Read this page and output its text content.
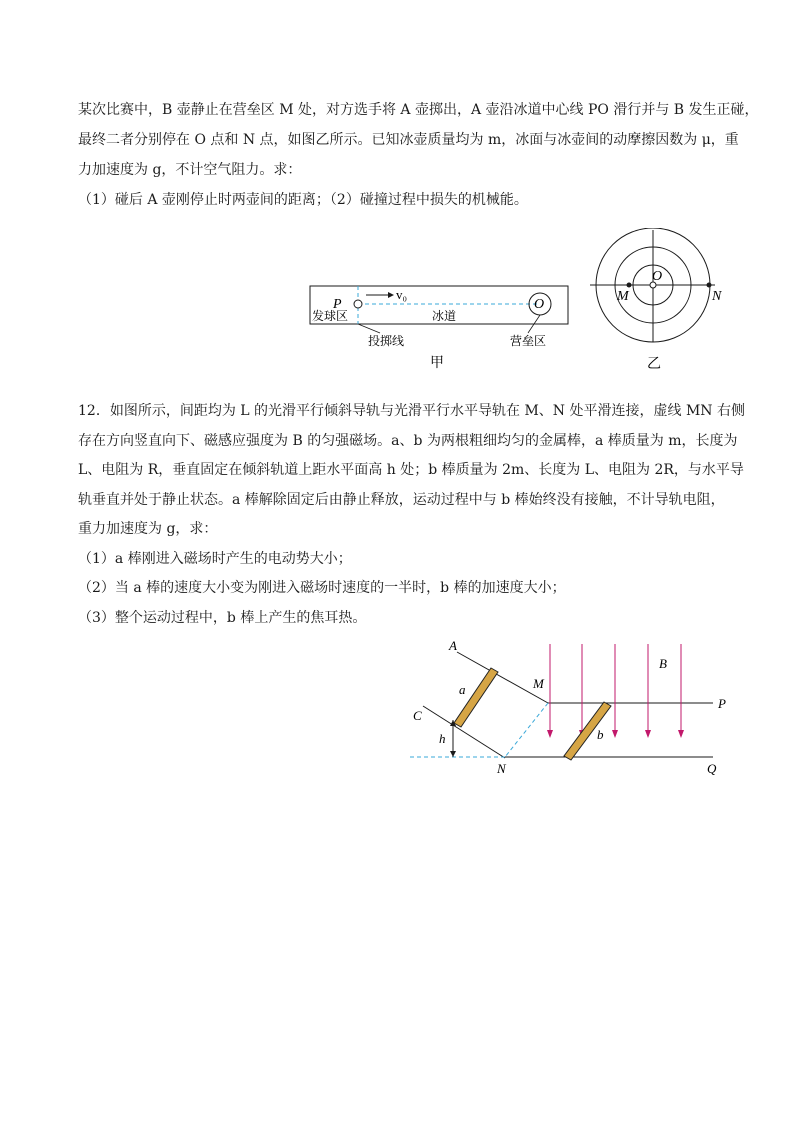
某次比赛中，B 壶静止在营垒区 M 处，对方选手将 A 壶掷出，A 壶沿冰道中心线 PO 滑行并与 B 发生正碰，
最终二者分别停在 O 点和 N 点，如图乙所示。已知冰壶质量均为 m，冰面与冰壶间的动摩擦因数为 μ，重
力加速度为 g，不计空气阻力。求：
（1）碰后 A 壶刚停止时两壶间的距离；（2）碰撞过程中损失的机械能。
P
v₀
O
发球区	冰道
投掷线	营垒区
甲
O
M	N
乙
12．如图所示，间距均为 L 的光滑平行倾斜导轨与光滑平行水平导轨在 M、N 处平滑连接，虚线 MN 右侧
存在方向竖直向下、磁感应强度为 B 的匀强磁场。a、b 为两根粗细均匀的金属棒，a 棒质量为 m，长度为
L、电阻为 R，垂直固定在倾斜轨道上距水平面高 h 处；b 棒质量为 2m、长度为 L、电阻为 2R，与水平导
轨垂直并处于静止状态。a 棒解除固定后由静止释放，运动过程中与 b 棒始终没有接触，不计导轨电阻，
重力加速度为 g，求：
（1）a 棒刚进入磁场时产生的电动势大小；
（2）当 a 棒的速度大小变为刚进入磁场时速度的一半时，b 棒的加速度大小；
（3）整个运动过程中，b 棒上产生的焦耳热。
A
C
M
N
P
Q
B
a
b
h
